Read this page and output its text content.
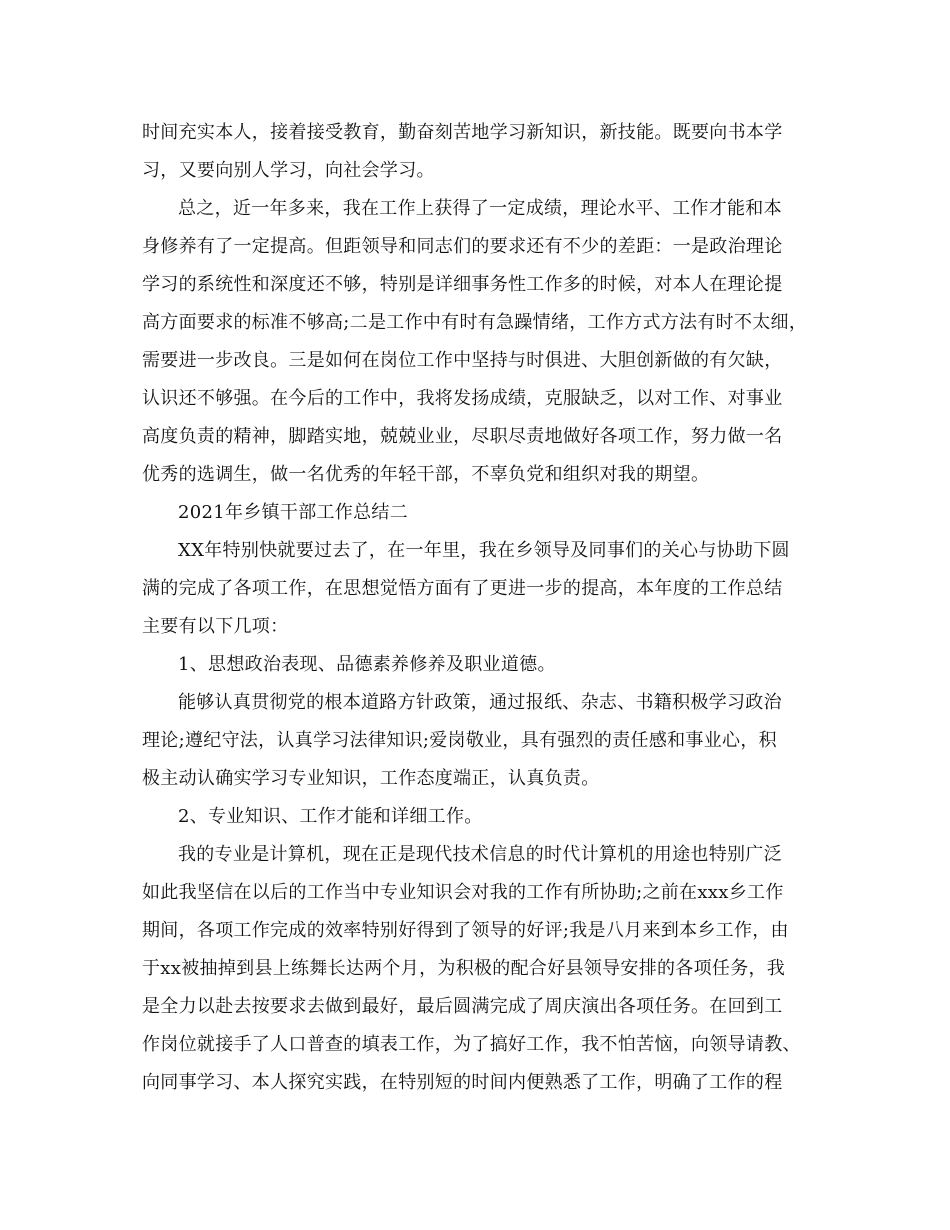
时间充实本人，接着接受教育，勤奋刻苦地学习新知识，新技能。既要向书本学
习，又要向别人学习，向社会学习。
总之，近一年多来，我在工作上获得了一定成绩，理论水平、工作才能和本
身修养有了一定提高。但距领导和同志们的要求还有不少的差距：一是政治理论
学习的系统性和深度还不够，特别是详细事务性工作多的时候，对本人在理论提
高方面要求的标准不够高;二是工作中有时有急躁情绪，工作方式方法有时不太细，
需要进一步改良。三是如何在岗位工作中坚持与时俱进、大胆创新做的有欠缺，
认识还不够强。在今后的工作中，我将发扬成绩，克服缺乏，以对工作、对事业
高度负责的精神，脚踏实地，兢兢业业，尽职尽责地做好各项工作，努力做一名
优秀的选调生，做一名优秀的年轻干部，不辜负党和组织对我的期望。
2021年乡镇干部工作总结二
XX年特别快就要过去了，在一年里，我在乡领导及同事们的关心与协助下圆
满的完成了各项工作，在思想觉悟方面有了更进一步的提高，本年度的工作总结
主要有以下几项：
1、思想政治表现、品德素养修养及职业道德。
能够认真贯彻党的根本道路方针政策，通过报纸、杂志、书籍积极学习政治
理论;遵纪守法，认真学习法律知识;爱岗敬业，具有强烈的责任感和事业心，积
极主动认确实学习专业知识，工作态度端正，认真负责。
2、专业知识、工作才能和详细工作。
我的专业是计算机，现在正是现代技术信息的时代计算机的用途也特别广泛
如此我坚信在以后的工作当中专业知识会对我的工作有所协助;之前在xxx乡工作
期间，各项工作完成的效率特别好得到了领导的好评;我是八月来到本乡工作，由
于xx被抽掉到县上练舞长达两个月，为积极的配合好县领导安排的各项任务，我
是全力以赴去按要求去做到最好，最后圆满完成了周庆演出各项任务。在回到工
作岗位就接手了人口普查的填表工作，为了搞好工作，我不怕苦恼，向领导请教、
向同事学习、本人探究实践，在特别短的时间内便熟悉了工作，明确了工作的程
